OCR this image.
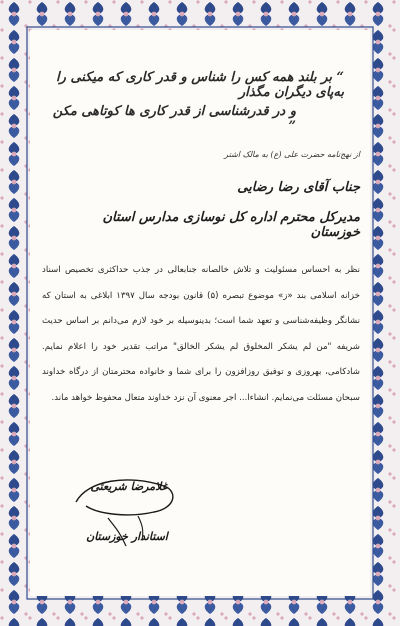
“ بر بلند همه کس را شناس و قدر کاری که میکنی را به‌پای دیگران مگذار
و در قدرشناسی از قدر کاری ها کوتاهی مکن ”
از نهج‌نامه حضرت علی (ع) به مالک اشتر
جناب آقای رضا رضایی
مدیرکل محترم اداره کل نوسازی مدارس استان خوزستان

نظر به احساس مسئولیت و تلاش خالصانه جنابعالی در جذب حداکثری تخصیص اسناد خزانه اسلامی بند «ز» موضوع تبصره (۵) قانون بودجه سال ۱۳۹۷ ابلاغی به استان که نشانگر وظیفه‌شناسی و تعهد شما است؛ بدینوسیله بر خود لازم می‌دانم بر اساس حدیث شریفه "من لم یشکر المخلوق لم یشکر الخالق" مراتب تقدیر خود را اعلام نمایم. شادکامی، بهروزی و توفیق روزافزون را برای شما و خانواده محترمتان از درگاه خداوند سبحان مسئلت می‌نمایم. انشاءا... اجر معنوی آن نزد خداوند متعال محفوظ خواهد ماند.

غلامرضا شریعتی
استاندار خوزستان
